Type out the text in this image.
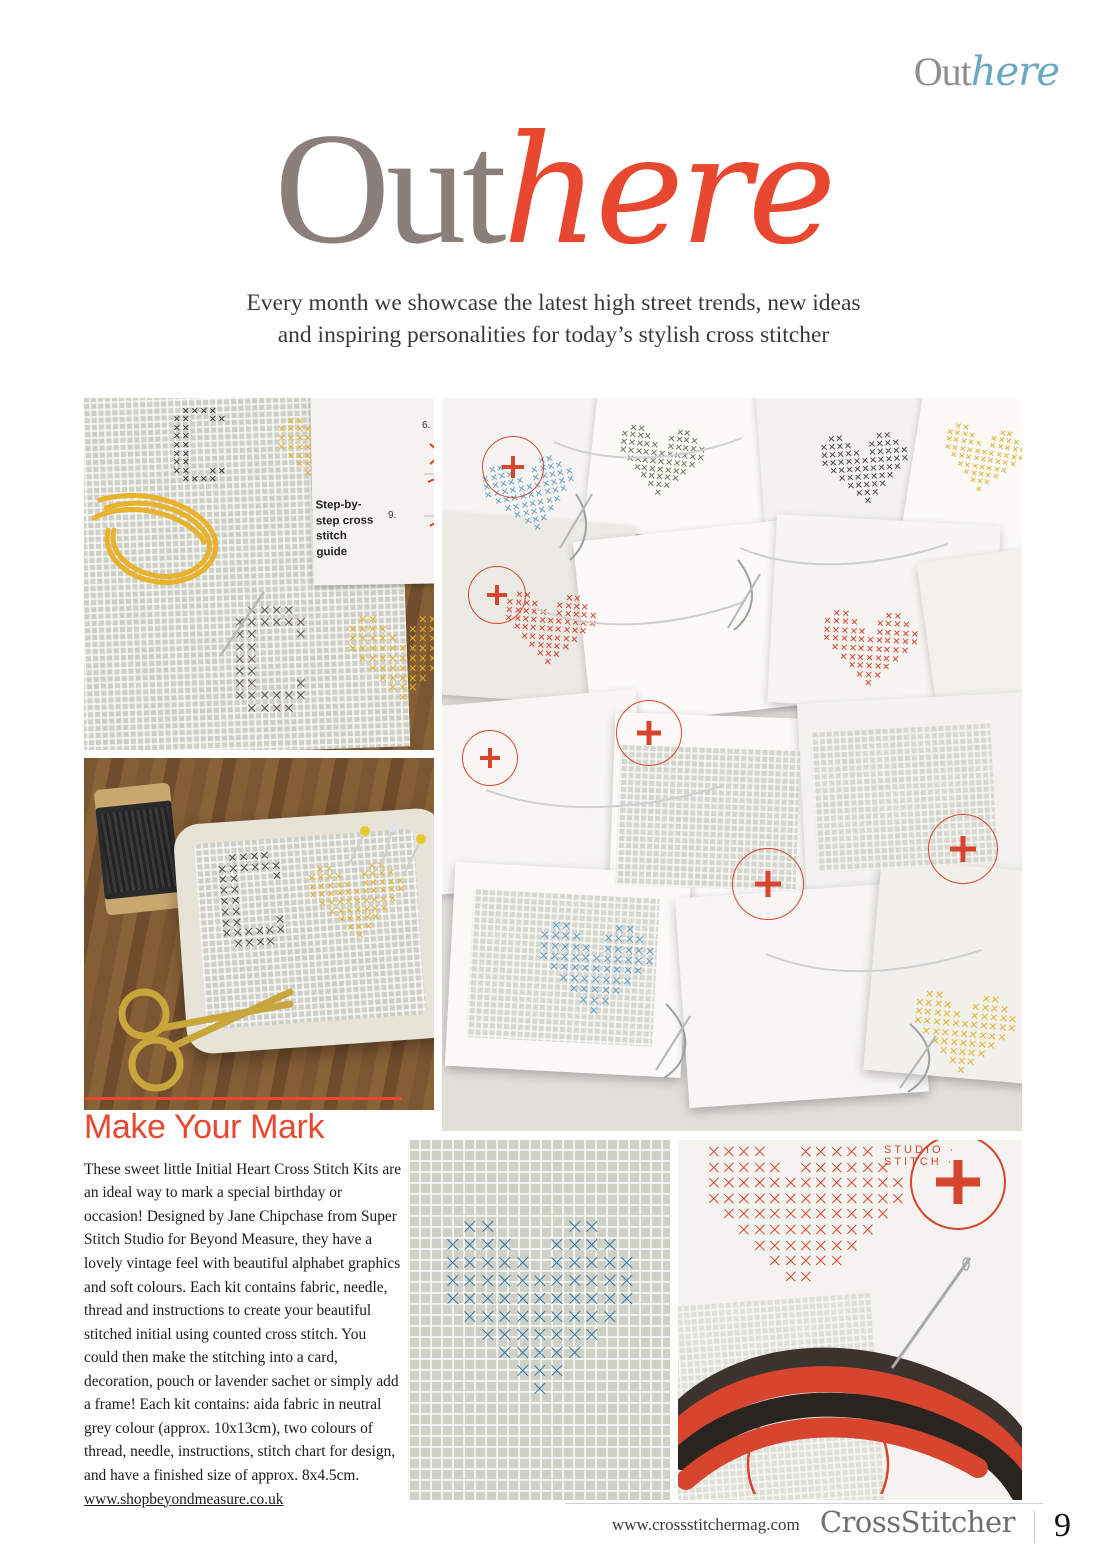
Outhere
Outhere
Every month we showcase the latest high street trends, new ideas
and inspiring personalities for today’s stylish cross stitcher
Step-by-step cross stitch guide
6.
9.
STUDIO · STITCH ·
Make Your Mark

These sweet little Initial Heart Cross Stitch Kits are an ideal way to mark a special birthday or occasion! Designed by Jane Chipchase from Super Stitch Studio for Beyond Measure, they have a lovely vintage feel with beautiful alphabet graphics and soft colours. Each kit contains fabric, needle, thread and instructions to create your beautiful stitched initial using counted cross stitch. You could then make the stitching into a card, decoration, pouch or lavender sachet or simply add a frame! Each kit contains: aida fabric in neutral grey colour (approx. 10x13cm), two colours of thread, needle, instructions, stitch chart for design, and have a finished size of approx. 8x4.5cm.

www.shopbeyondmeasure.co.uk
www.crossstitchermag.com CrossStitcher 9
